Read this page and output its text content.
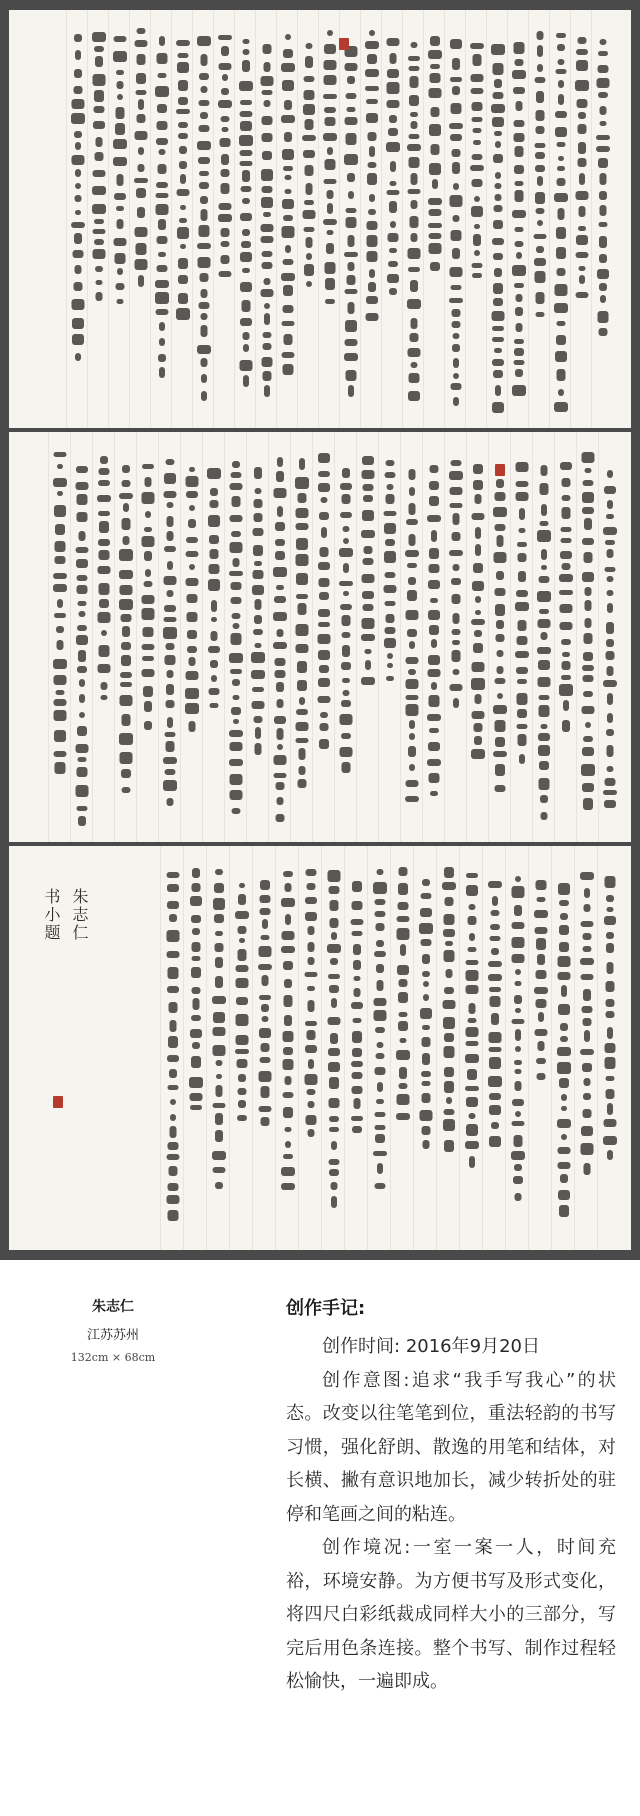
书小题 朱志仁
朱志仁
江苏苏州
132cm × 68cm
创作手记:

创作时间: 2016年9月20日

创作意图:追求“我手写我心”的状态。改变以往笔笔到位，重法轻韵的书写习惯，强化舒朗、散逸的用笔和结体，对长横、撇有意识地加长，减少转折处的驻停和笔画之间的粘连。

创作境况:一室一案一人，时间充裕，环境安静。为方便书写及形式变化，将四尺白彩纸裁成同样大小的三部分，写完后用色条连接。整个书写、制作过程轻松愉快，一遍即成。
